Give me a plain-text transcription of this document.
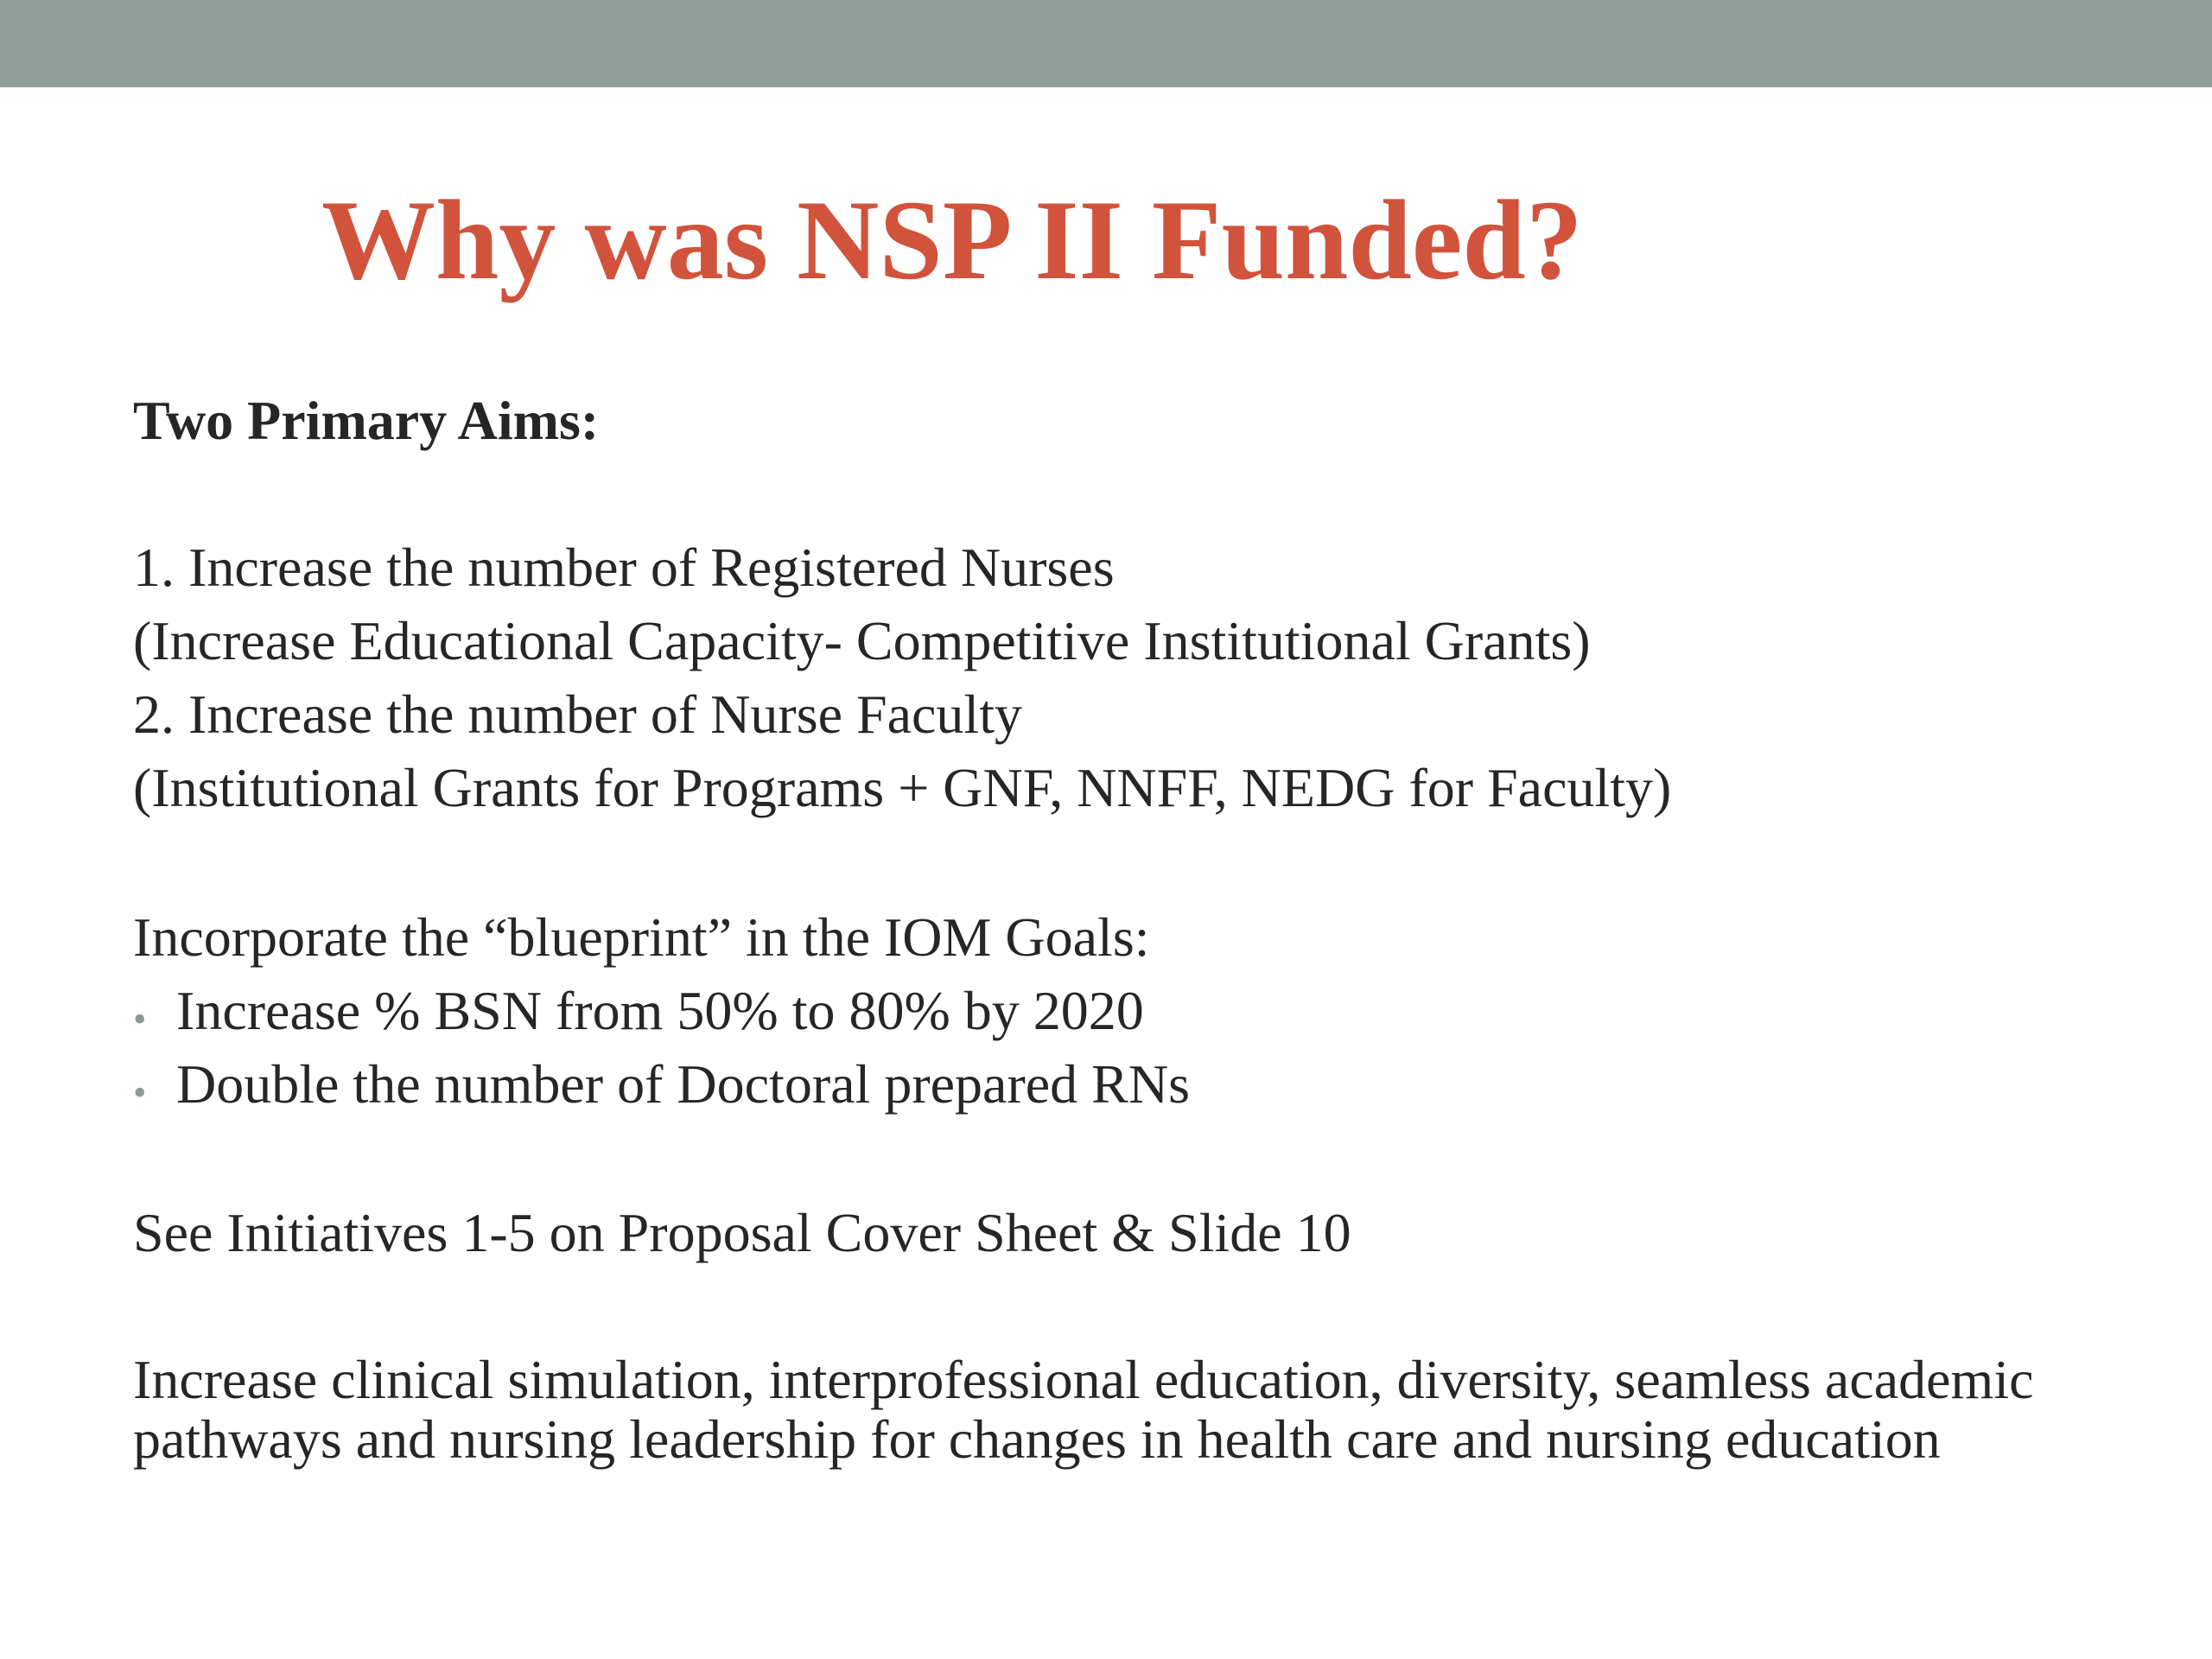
Why was NSP II Funded?

Two Primary Aims:

1. Increase the number of Registered Nurses

(Increase Educational Capacity- Competitive Institutional Grants)

2. Increase the number of Nurse Faculty

(Institutional Grants for Programs + GNF, NNFF, NEDG for Faculty)

Incorporate the “blueprint” in the IOM Goals:

• Increase % BSN from 50% to 80% by 2020

• Double the number of Doctoral prepared RNs

See Initiatives 1-5 on Proposal Cover Sheet & Slide 10

Increase clinical simulation, interprofessional education, diversity, seamless academic pathways and nursing leadership for changes in health care and nursing education
